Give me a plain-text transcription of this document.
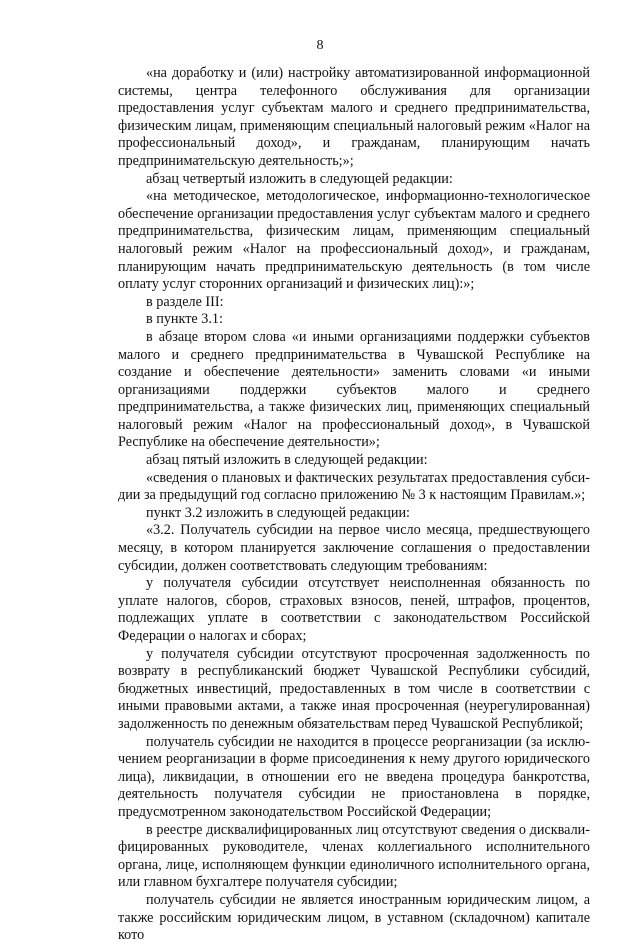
8

«на доработку и (или) настройку автоматизированной информационной системы, центра телефонного обслуживания для организации предоставления услуг субъектам малого и среднего предпринимательства, физическим лицам, применяющим специальный налоговый режим «Налог на профессиональный доход», и гражданам, планирующим начать предпринимательскую деятельность;»;

абзац четвертый изложить в следующей редакции:

«на методическое, методологическое, информационно-технологическое обеспечение организации предоставления услуг субъектам малого и среднего предпринимательства, физическим лицам, применяющим специальный налоговый режим «Налог на профессиональный доход», и гражданам, планирующим начать предпринимательскую деятельность (в том числе оплату услуг сторонних организаций и физических лиц):»;

в разделе III:

в пункте 3.1:

в абзаце втором слова «и иными организациями поддержки субъектов малого и среднего предпринимательства в Чувашской Республике на создание и обеспечение деятельности» заменить словами «и иными организациями поддержки субъектов малого и среднего предпринимательства, а также физических лиц, применяющих специальный налоговый режим «Налог на профессиональный доход», в Чувашской Республике на обеспечение деятельности»;

абзац пятый изложить в следующей редакции:

«сведения о плановых и фактических результатах предоставления субсидии за предыдущий год согласно приложению № 3 к настоящим Правилам.»;

пункт 3.2 изложить в следующей редакции:

«3.2. Получатель субсидии на первое число месяца, предшествующего месяцу, в котором планируется заключение соглашения о предоставлении субсидии, должен соответствовать следующим требованиям:

у получателя субсидии отсутствует неисполненная обязанность по уплате налогов, сборов, страховых взносов, пеней, штрафов, процентов, подлежащих уплате в соответствии с законодательством Российской Федерации о налогах и сборах;

у получателя субсидии отсутствуют просроченная задолженность по возврату в республиканский бюджет Чувашской Республики субсидий, бюджетных инвестиций, предоставленных в том числе в соответствии с иными правовыми актами, а также иная просроченная (неурегулированная) задолженность по денежным обязательствам перед Чувашской Республикой;

получатель субсидии не находится в процессе реорганизации (за исключением реорганизации в форме присоединения к нему другого юридического лица), ликвидации, в отношении его не введена процедура банкротства, деятельность получателя субсидии не приостановлена в порядке, предусмотренном законодательством Российской Федерации;

в реестре дисквалифицированных лиц отсутствуют сведения о дисквалифицированных руководителе, членах коллегиального исполнительного органа, лице, исполняющем функции единоличного исполнительного органа, или главном бухгалтере получателя субсидии;

получатель субсидии не является иностранным юридическим лицом, а также российским юридическим лицом, в уставном (складочном) капитале кото
